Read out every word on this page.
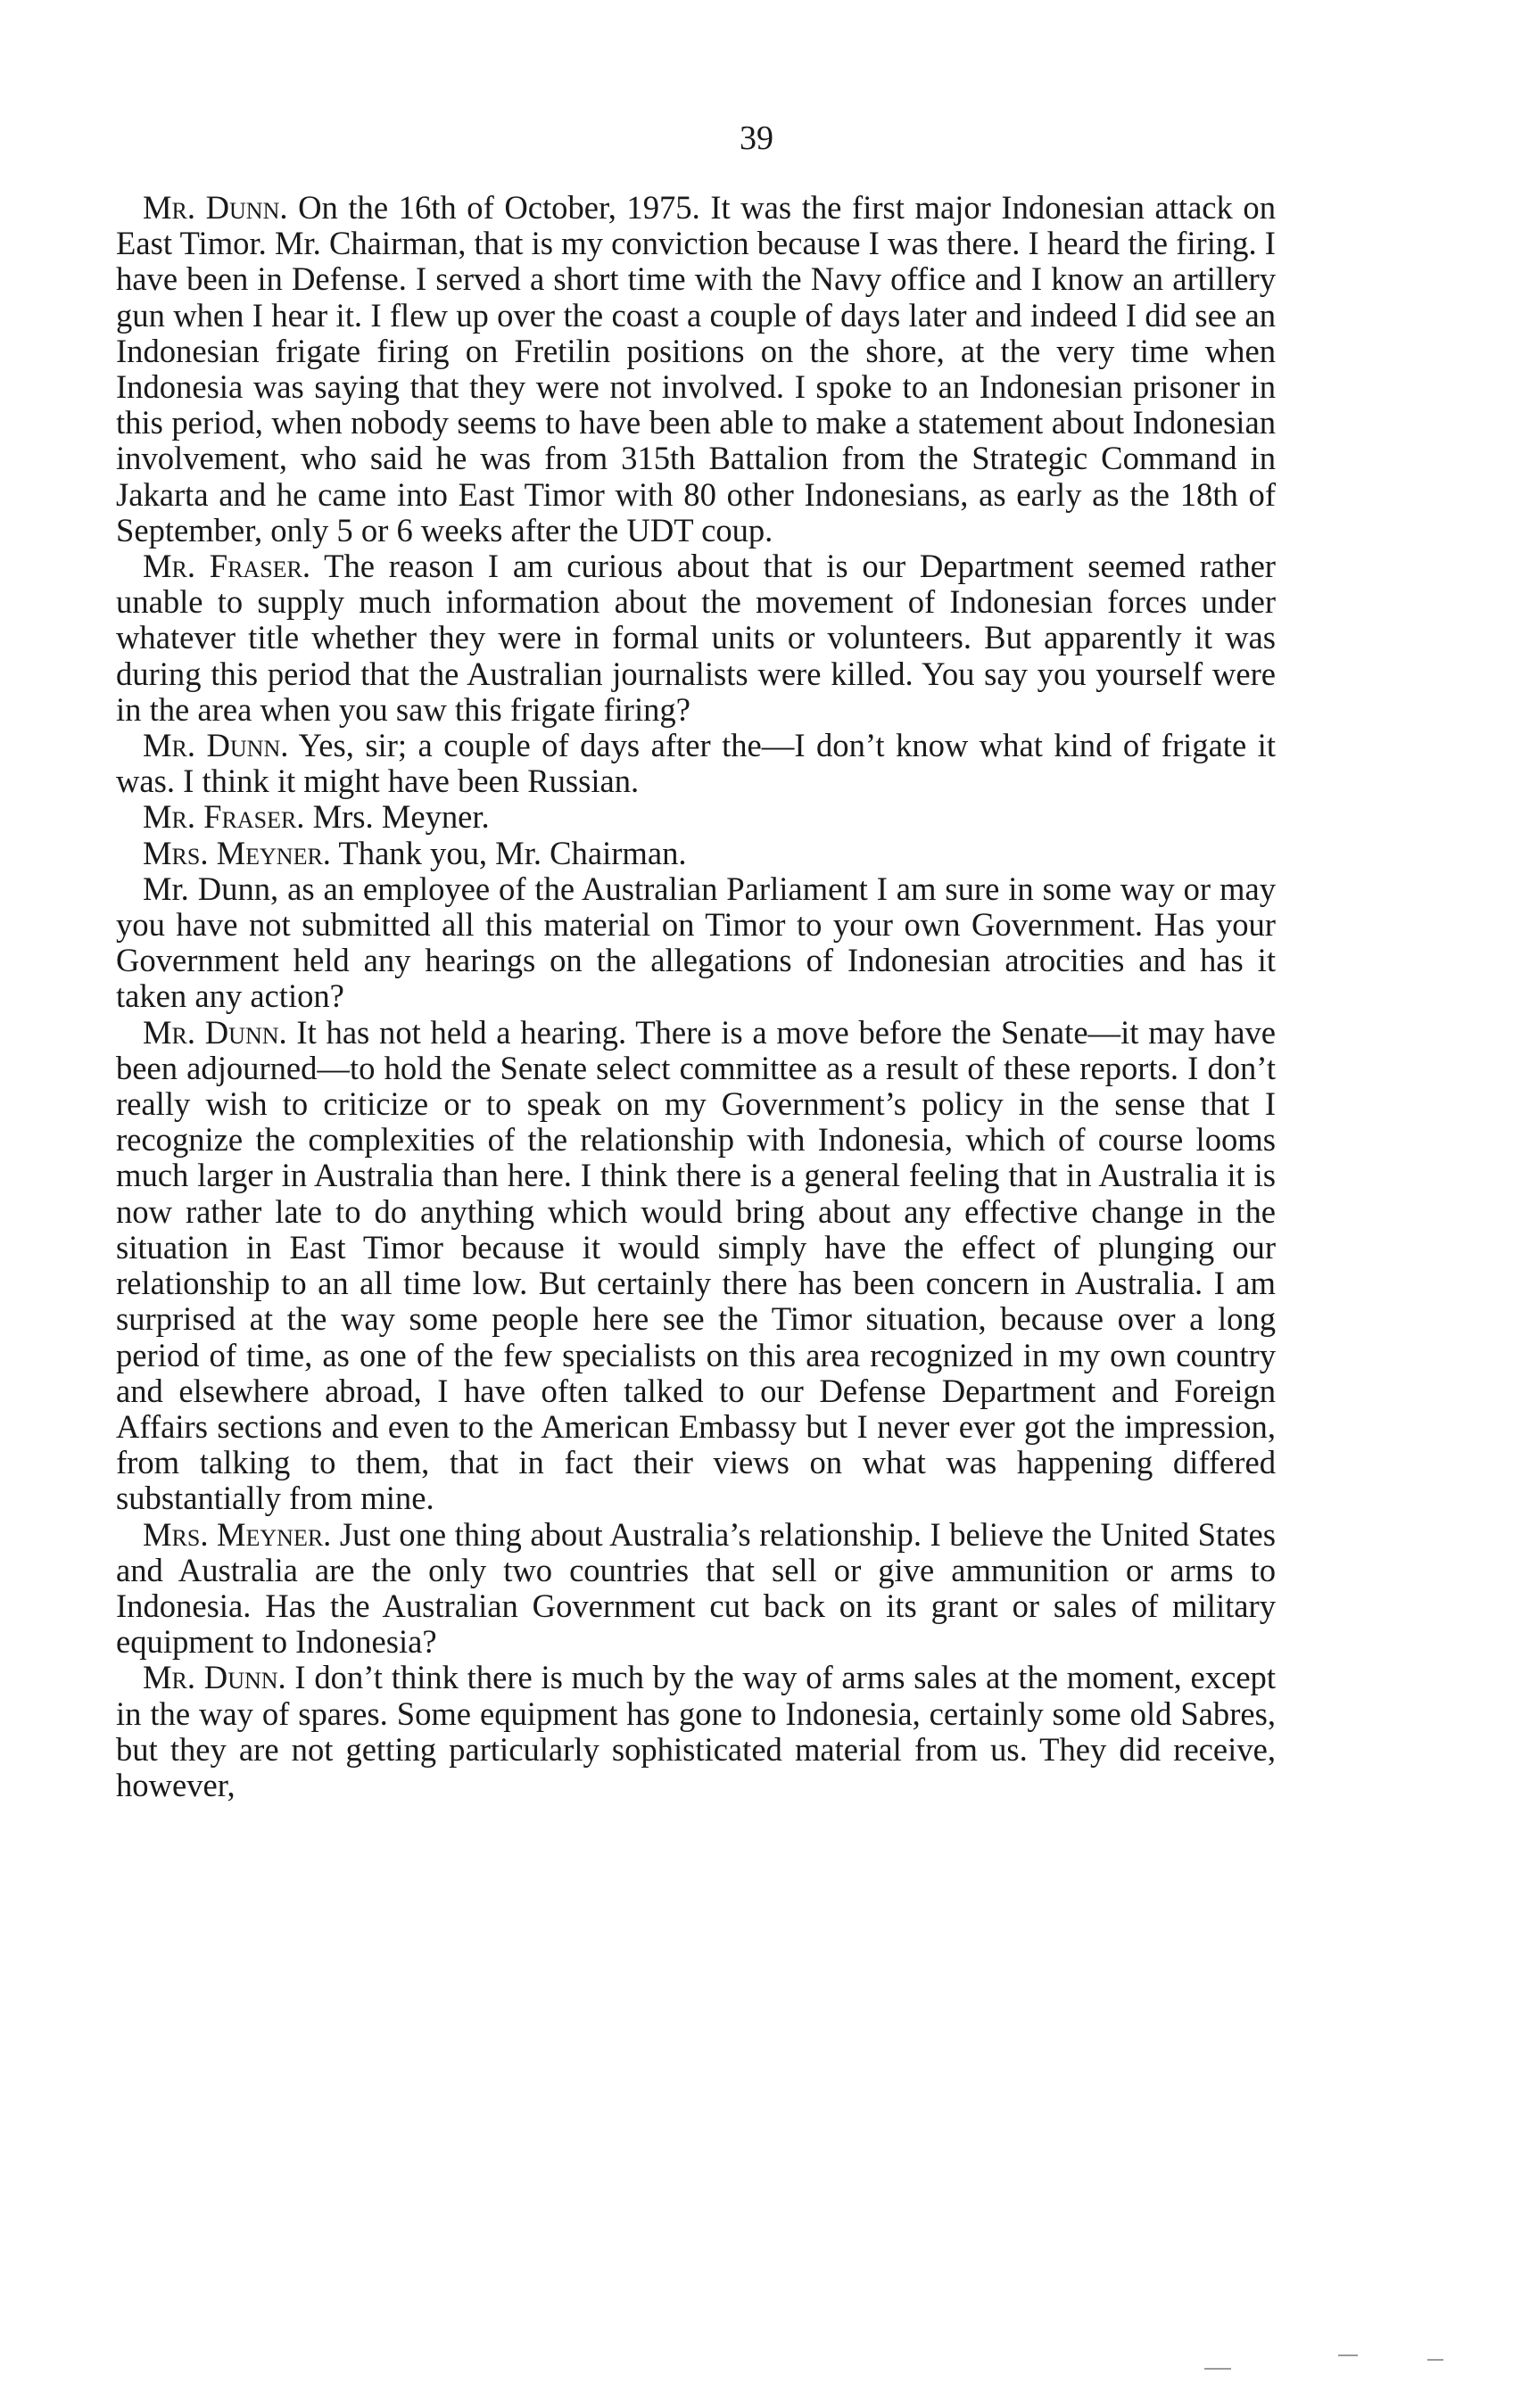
39

Mr. Dunn. On the 16th of October, 1975. It was the first major Indonesian attack on East Timor. Mr. Chairman, that is my conviction because I was there. I heard the firing. I have been in Defense. I served a short time with the Navy office and I know an artillery gun when I hear it. I flew up over the coast a couple of days later and indeed I did see an Indonesian frigate firing on Fretilin positions on the shore, at the very time when Indonesia was saying that they were not involved. I spoke to an Indonesian prisoner in this period, when nobody seems to have been able to make a statement about Indonesian involvement, who said he was from 315th Battalion from the Strategic Command in Jakarta and he came into East Timor with 80 other Indonesians, as early as the 18th of September, only 5 or 6 weeks after the UDT coup.

Mr. Fraser. The reason I am curious about that is our Department seemed rather unable to supply much information about the movement of Indonesian forces under whatever title whether they were in formal units or volunteers. But apparently it was during this period that the Australian journalists were killed. You say you yourself were in the area when you saw this frigate firing?

Mr. Dunn. Yes, sir; a couple of days after the—I don’t know what kind of frigate it was. I think it might have been Russian.

Mr. Fraser. Mrs. Meyner.

Mrs. Meyner. Thank you, Mr. Chairman.

Mr. Dunn, as an employee of the Australian Parliament I am sure in some way or may you have not submitted all this material on Timor to your own Government. Has your Government held any hearings on the allegations of Indonesian atrocities and has it taken any action?

Mr. Dunn. It has not held a hearing. There is a move before the Senate—it may have been adjourned—to hold the Senate select committee as a result of these reports. I don’t really wish to criticize or to speak on my Government’s policy in the sense that I recognize the complexities of the relationship with Indonesia, which of course looms much larger in Australia than here. I think there is a general feeling that in Australia it is now rather late to do anything which would bring about any effective change in the situation in East Timor because it would simply have the effect of plunging our relationship to an all time low. But certainly there has been concern in Australia. I am surprised at the way some people here see the Timor situation, because over a long period of time, as one of the few specialists on this area recognized in my own country and elsewhere abroad, I have often talked to our Defense Department and Foreign Affairs sections and even to the American Embassy but I never ever got the impression, from talking to them, that in fact their views on what was happening differed substantially from mine.

Mrs. Meyner. Just one thing about Australia’s relationship. I believe the United States and Australia are the only two countries that sell or give ammunition or arms to Indonesia. Has the Australian Government cut back on its grant or sales of military equipment to Indonesia?

Mr. Dunn. I don’t think there is much by the way of arms sales at the moment, except in the way of spares. Some equipment has gone to Indonesia, certainly some old Sabres, but they are not getting particularly sophisticated material from us. They did receive, however,
